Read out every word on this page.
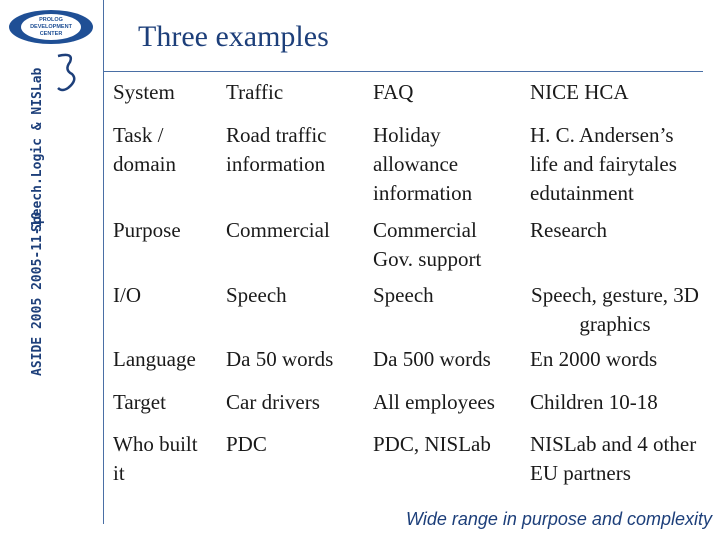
PROLOG
DEVELOPMENT
CENTER
Speech.Logic & NISLab
ASIDE 2005 2005-11-10
Three examples
System	Traffic	FAQ	NICE HCA
Task / domain	Road traffic information	Holiday allowance information	H. C. Andersen’s life and fairytales edutainment
Purpose	Commercial	Commercial Gov. support	Research
I/O	Speech	Speech	Speech, gesture, 3D graphics
Language	Da 50 words	Da 500 words	En 2000 words
Target	Car drivers	All employees	Children 10-18
Who built it	PDC	PDC, NISLab	NISLab and 4 other EU partners
Wide range in purpose and complexity
